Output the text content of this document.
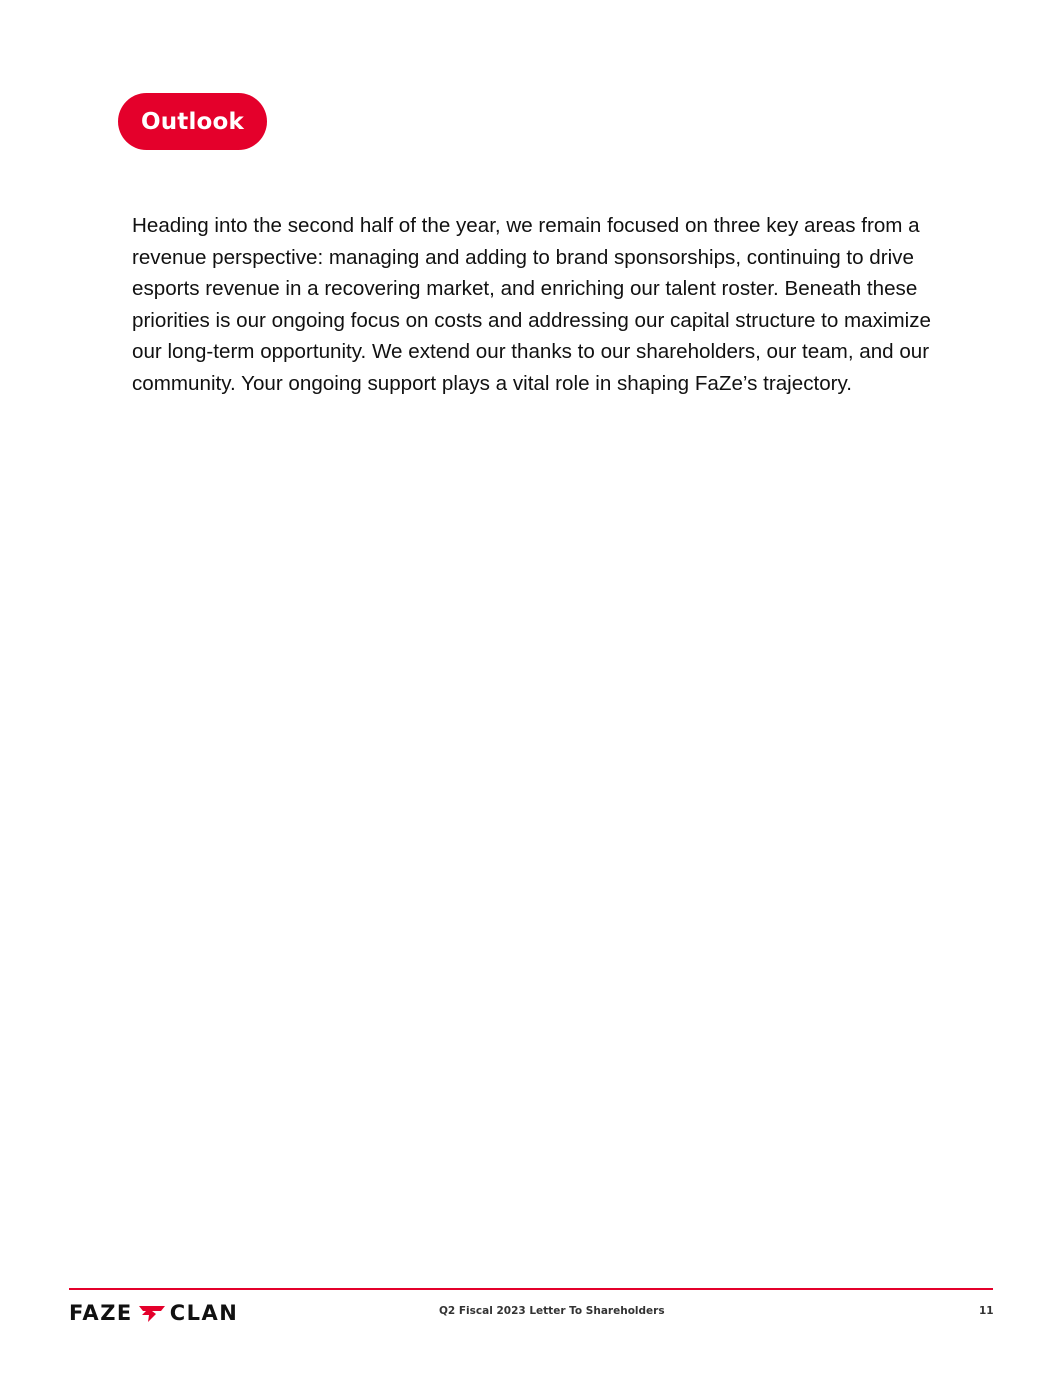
Outlook

Heading into the second half of the year, we remain focused on three key areas from a revenue perspective: managing and adding to brand sponsorships, continuing to drive esports revenue in a recovering market, and enriching our talent roster. Beneath these priorities is our ongoing focus on costs and addressing our capital structure to maximize our long-term opportunity. We extend our thanks to our shareholders, our team, and our community. Your ongoing support plays a vital role in shaping FaZe’s trajectory.

FAZE CLAN	Q2 Fiscal 2023 Letter To Shareholders	11
